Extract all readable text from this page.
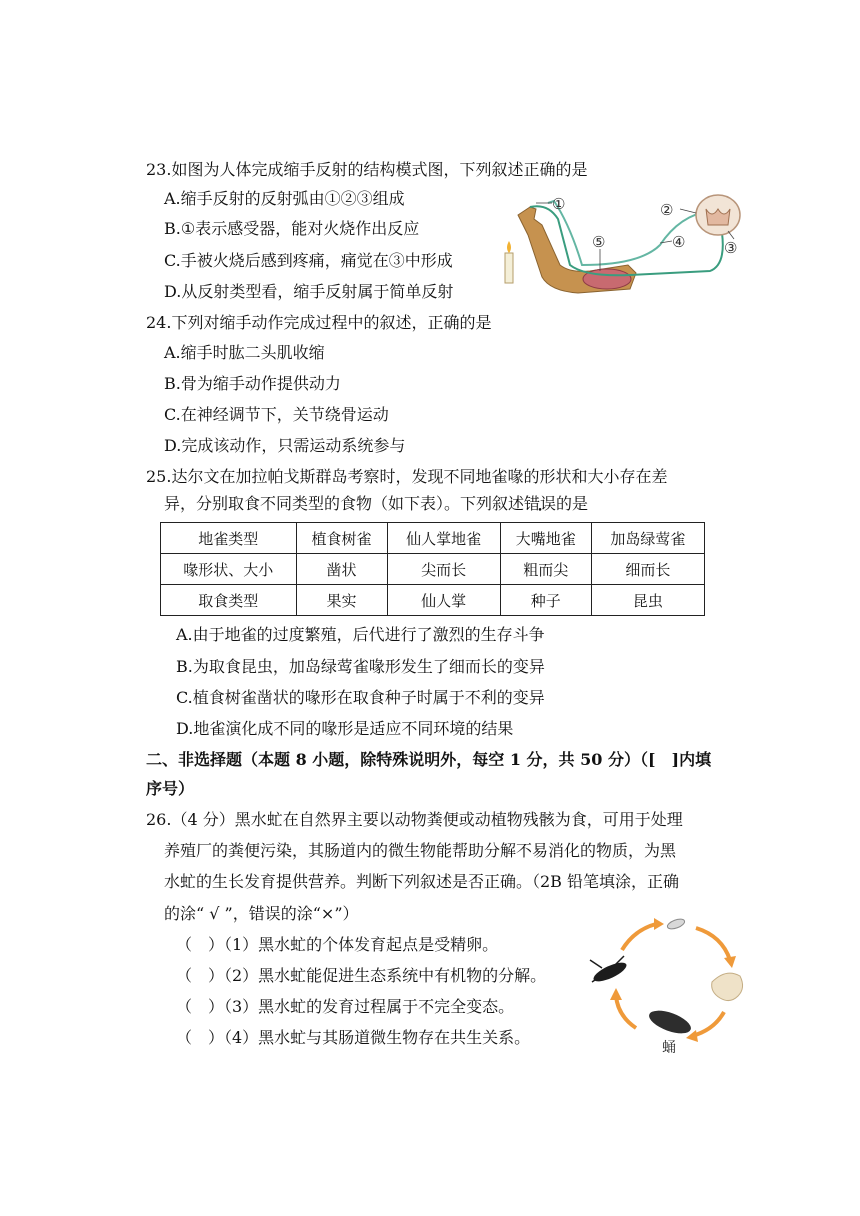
23.如图为人体完成缩手反射的结构模式图，下列叙述正确的是
A.缩手反射的反射弧由①②③组成
B.①表示感受器，能对火烧作出反应
C.手被火烧后感到疼痛，痛觉在③中形成
D.从反射类型看，缩手反射属于简单反射
①	②
③
④
⑤
24.下列对缩手动作完成过程中的叙述，正确的是
A.缩手时肱二头肌收缩
B.骨为缩手动作提供动力
C.在神经调节下，关节绕骨运动
D.完成该动作，只需运动系统参与
25.达尔文在加拉帕戈斯群岛考察时，发现不同地雀喙的形状和大小存在差
异，分别取食不同类型的食物（如下表）。下列叙述错误的是
地雀类型	植食树雀	仙人掌地雀	大嘴地雀	加岛绿莺雀
喙形状、大小	凿状	尖而长	粗而尖	细而长
取食类型	果实	仙人掌	种子	昆虫
A.由于地雀的过度繁殖，后代进行了激烈的生存斗争
B.为取食昆虫，加岛绿莺雀喙形发生了细而长的变异
C.植食树雀凿状的喙形在取食种子时属于不利的变异
D.地雀演化成不同的喙形是适应不同环境的结果
二、非选择题（本题 8 小题，除特殊说明外，每空 1 分，共 50 分）（[　]内填
序号）
26.（4 分）黑水虻在自然界主要以动物粪便或动植物残骸为食，可用于处理
养殖厂的粪便污染，其肠道内的微生物能帮助分解不易消化的物质，为黑
水虻的生长发育提供营养。判断下列叙述是否正确。（2B 铅笔填涂，正确
的涂“ √ ”，错误的涂“×”）
（　）（1）黑水虻的个体发育起点是受精卵。
（　）（2）黑水虻能促进生态系统中有机物的分解。
（　）（3）黑水虻的发育过程属于不完全变态。
（　）（4）黑水虻与其肠道微生物存在共生关系。
蛹
